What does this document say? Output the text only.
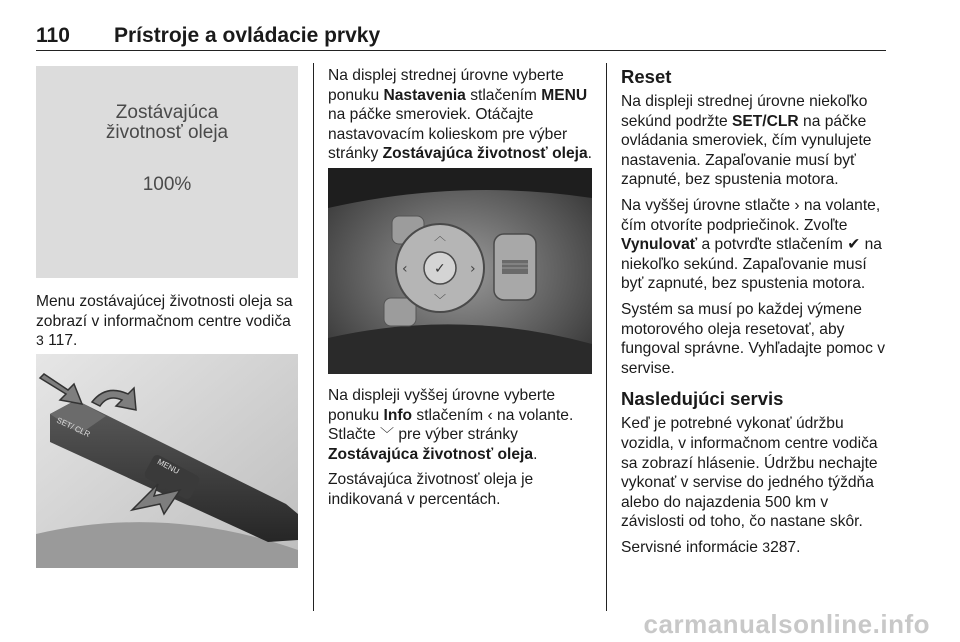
110 Prístroje a ovládacie prvky
Zostávajúca
životnosť oleja
100%

Menu zostávajúcej životnosti oleja sa zobrazí v informačnom centre vodiča 3 117.

SET/ CLR
MENU

Na displej strednej úrovne vyberte ponuku Nastavenia stlačením MENU na páčke smeroviek. Otáčajte nastavovacím kolieskom pre výber stránky Zostávajúca životnosť oleja.

✓
︿
‹	›
﹀

Na displeji vyššej úrovne vyberte ponuku Info stlačením ‹ na volante. Stlačte ﹀ pre výber stránky Zostávajúca životnosť oleja.

Zostávajúca životnosť oleja je indikovaná v percentách.

Reset

Na displeji strednej úrovne niekoľko sekúnd podržte SET/CLR na páčke ovládania smeroviek, čím vynulujete nastavenia. Zapaľovanie musí byť zapnuté, bez spustenia motora.

Na vyššej úrovne stlačte › na volante, čím otvoríte podpriečinok. Zvoľte Vynulovať a potvrďte stlačením ✔ na niekoľko sekúnd. Zapaľovanie musí byť zapnuté, bez spustenia motora.

Systém sa musí po každej výmene motorového oleja resetovať, aby fungoval správne. Vyhľadajte pomoc v servise.

Nasledujúci servis

Keď je potrebné vykonať údržbu vozidla, v informačnom centre vodiča sa zobrazí hlásenie. Údržbu nechajte vykonať v servise do jedného týždňa alebo do najazdenia 500 km v závislosti od toho, čo nastane skôr.

Servisné informácie 3287.

carmanualsonline.info
